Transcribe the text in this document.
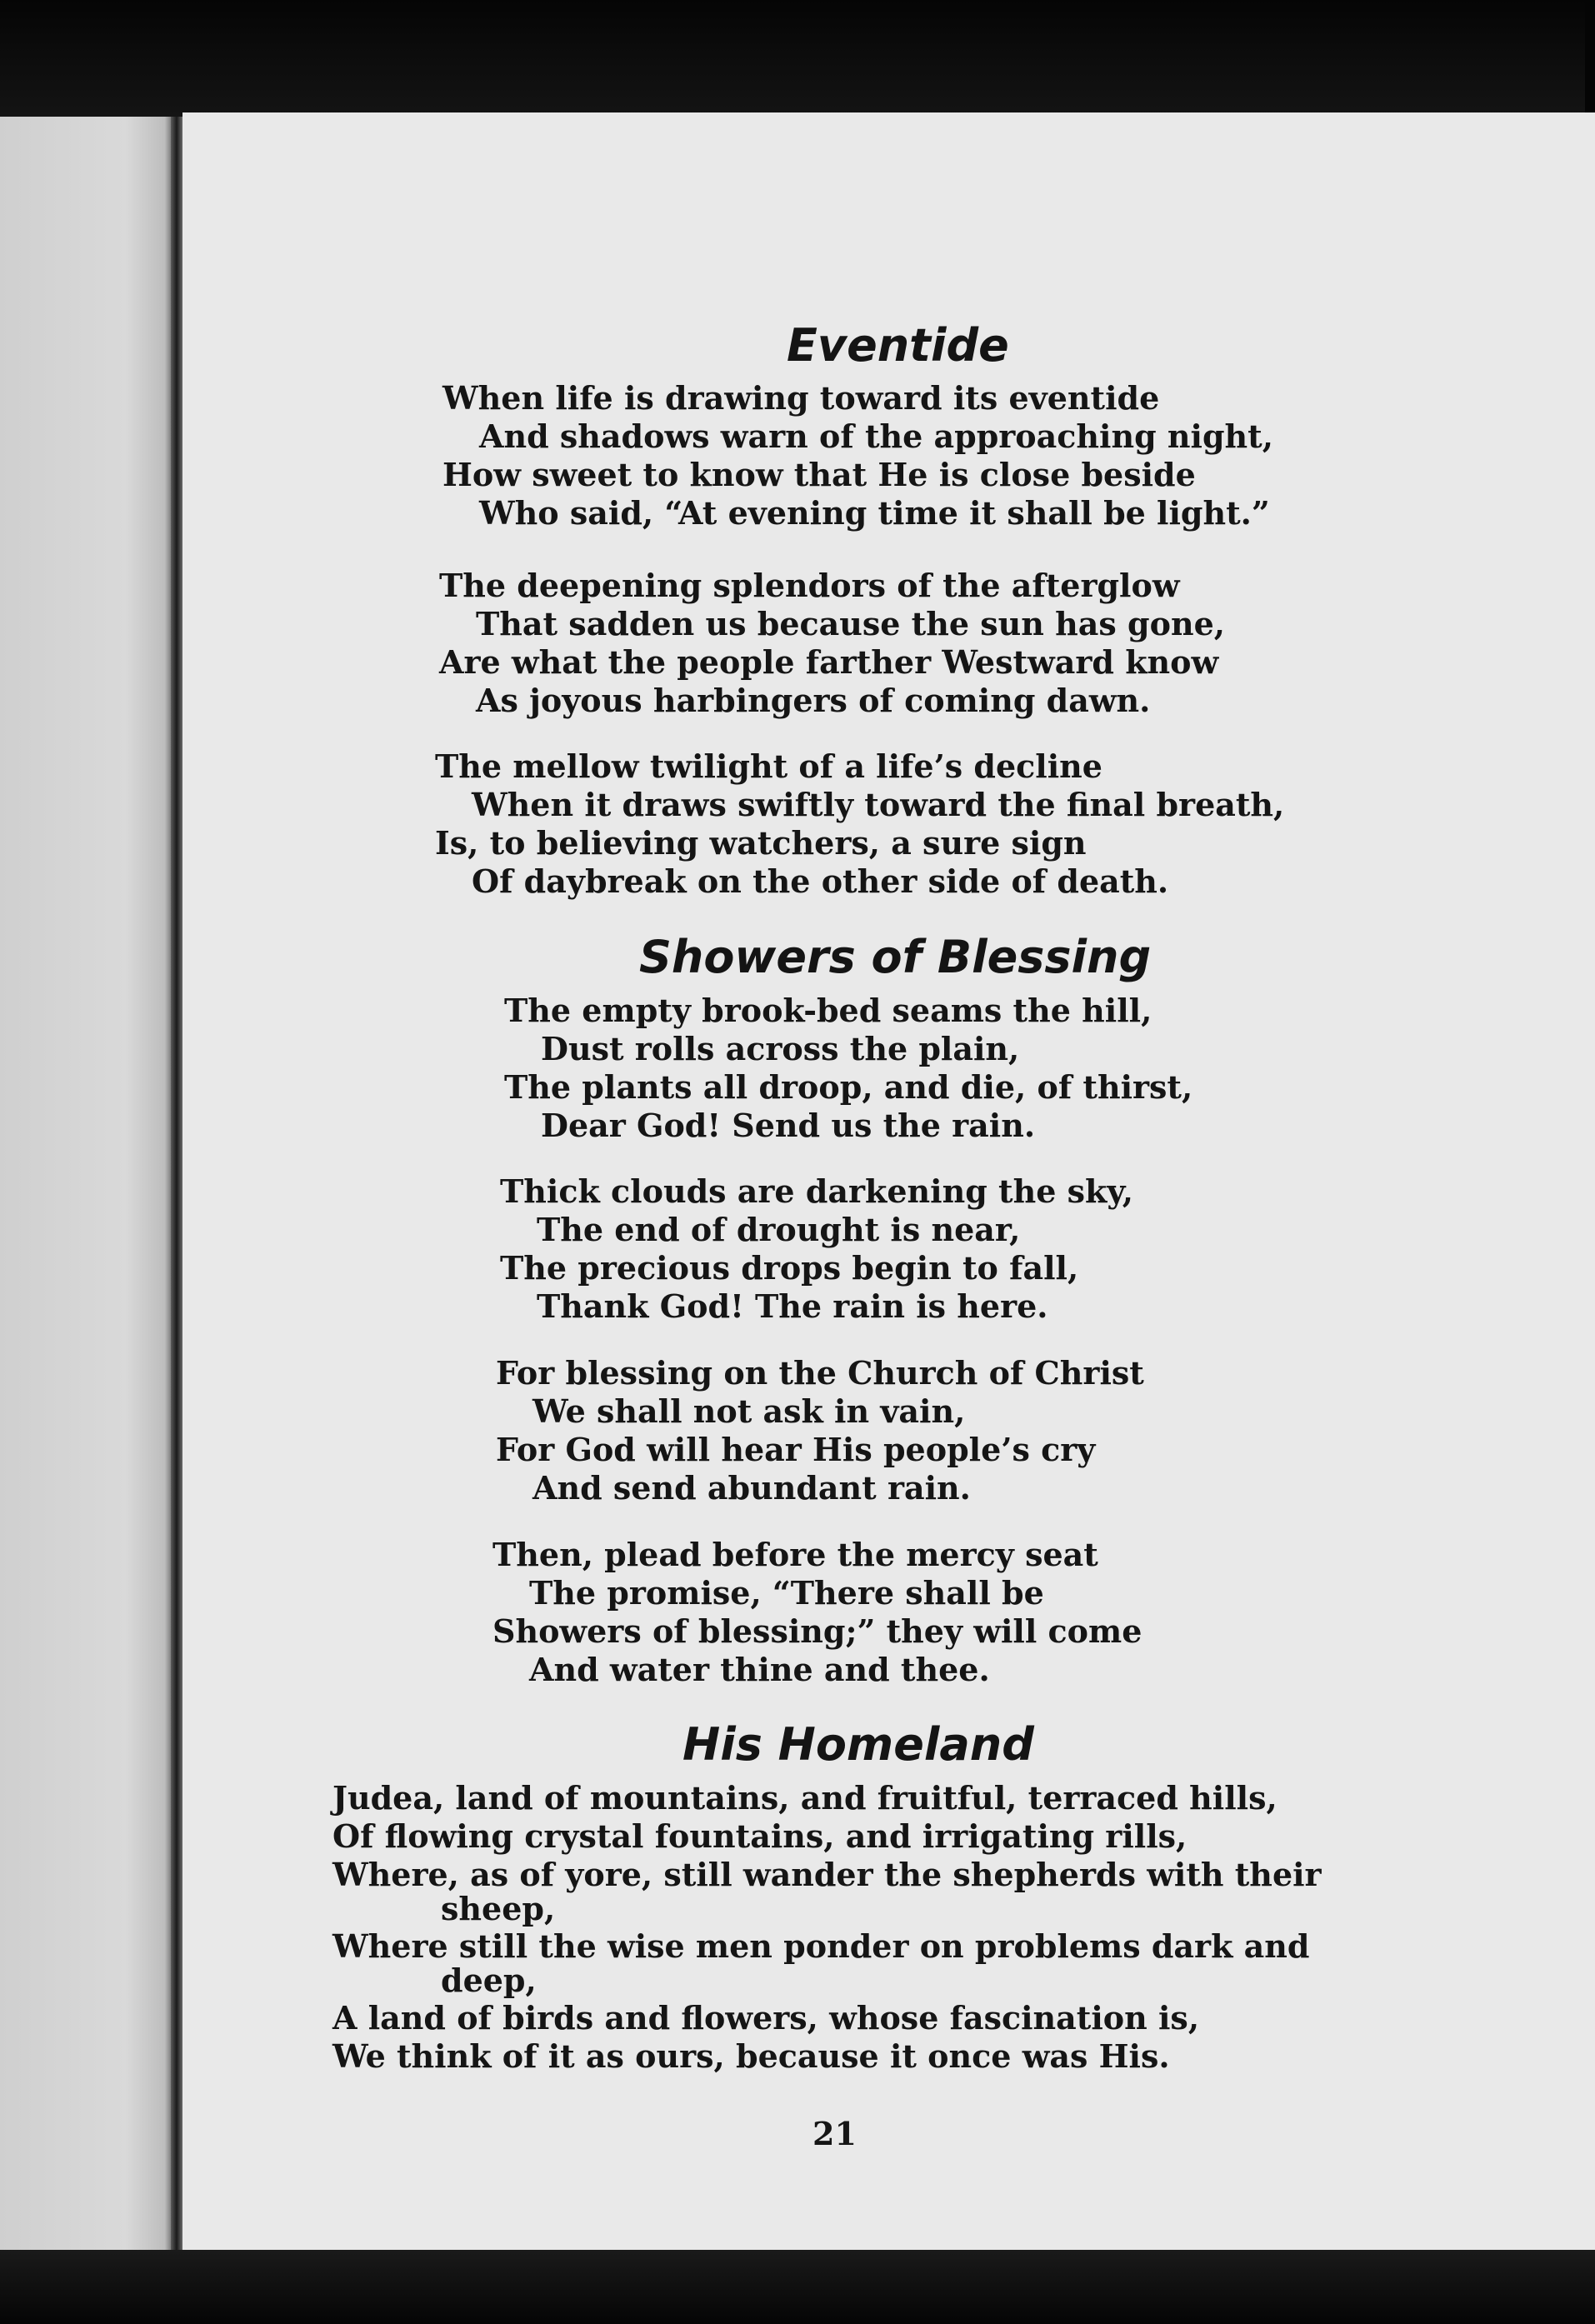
Eventide
When life is drawing toward its eventide
And shadows warn of the approaching night,
How sweet to know that He is close beside
Who said, “At evening time it shall be light.”
The deepening splendors of the afterglow
That sadden us because the sun has gone,
Are what the people farther Westward know
As joyous harbingers of coming dawn.
The mellow twilight of a life’s decline
When it draws swiftly toward the final breath,
Is, to believing watchers, a sure sign
Of daybreak on the other side of death.
Showers of Blessing
The empty brook-bed seams the hill,
Dust rolls across the plain,
The plants all droop, and die, of thirst,
Dear God! Send us the rain.
Thick clouds are darkening the sky,
The end of drought is near,
The precious drops begin to fall,
Thank God! The rain is here.
For blessing on the Church of Christ
We shall not ask in vain,
For God will hear His people’s cry
And send abundant rain.
Then, plead before the mercy seat
The promise, “There shall be
Showers of blessing;” they will come
And water thine and thee.
His Homeland
Judea, land of mountains, and fruitful, terraced hills,
Of flowing crystal fountains, and irrigating rills,
Where, as of yore, still wander the shepherds with their
sheep,
Where still the wise men ponder on problems dark and
deep,
A land of birds and flowers, whose fascination is,
We think of it as ours, because it once was His.
21
